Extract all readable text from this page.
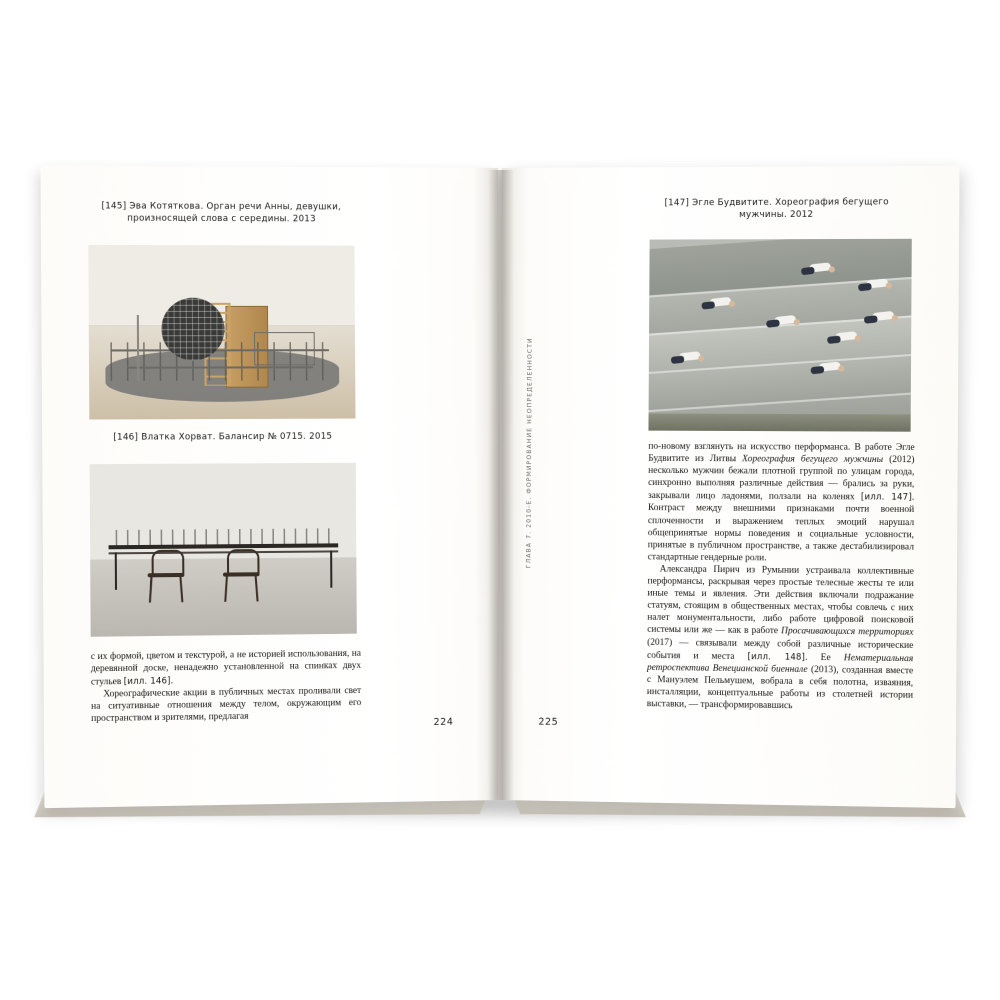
[145] Эва Котяткова. Орган речи Анны, девушки, произносящей слова с середины. 2013
[146] Влатка Хорват. Балансир № 0715. 2015

с их формой, цветом и текстурой, а не историей использования, на деревянной доске, ненадежно установленной на спинках двух стульев [илл. 146].

Хореографические акции в публичных местах проливали свет на ситуативные отношения между телом, окружающим его пространством и зрителями, предлагая	224
ГЛАВА 7. 2010-Е. ФОРМИРОВАНИЕ НЕОПРЕДЕЛЕННОСТИ
225
[147] Эгле Будвитите. Хореография бегущего мужчины. 2012

по-новому взглянуть на искусство перформанса. В работе Эгле Будвитите из Литвы Хореография бегущего мужчины (2012) несколько мужчин бежали плотной группой по улицам города, синхронно выполняя различные действия — брались за руки, закрывали лицо ладонями, ползали на коленях [илл. 147]. Контраст между внешними признаками почти военной сплоченности и выражением теплых эмоций нарушал общепринятые нормы поведения и социальные условности, принятые в публичном пространстве, а также дестабилизировал стандартные гендерные роли.

Александра Пирич из Румынии устраивала коллективные перформансы, раскрывая через простые телесные жесты те или иные темы и явления. Эти действия включали подражание статуям, стоящим в общественных местах, чтобы совлечь с них налет монументальности, либо работе цифровой поисковой системы или же — как в работе Просачивающихся территориях (2017) — связывали между собой различные исторические события и места [илл. 148]. Ее Нематериальная ретроспектива Венецианской биеннале (2013), созданная вместе с Мануэлем Пельмушем, вобрала в себя полотна, изваяния, инсталляции, концептуальные работы из столетней истории выставки, — трансформировавшись
